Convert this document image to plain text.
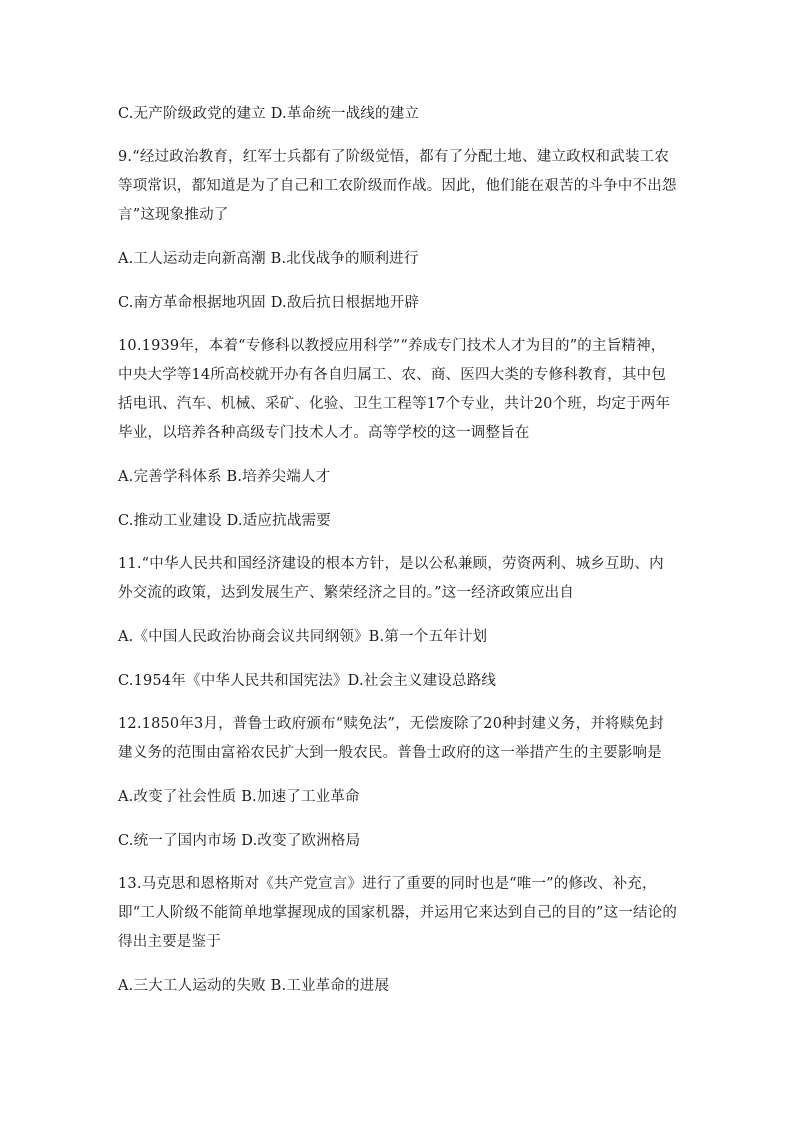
C.无产阶级政党的建立 D.革命统一战线的建立

9.“经过政治教育，红军士兵都有了阶级觉悟，都有了分配土地、建立政权和武装工农等项常识，都知道是为了自己和工农阶级而作战。因此，他们能在艰苦的斗争中不出怨言”这现象推动了

A.工人运动走向新高潮 B.北伐战争的顺利进行

C.南方革命根据地巩固 D.敌后抗日根据地开辟

10.1939年，本着“专修科以教授应用科学”“养成专门技术人才为目的”的主旨精神，中央大学等14所高校就开办有各自归属工、农、商、医四大类的专修科教育，其中包括电讯、汽车、机械、采矿、化验、卫生工程等17个专业，共计20个班，均定于两年毕业，以培养各种高级专门技术人才。高等学校的这一调整旨在

A.完善学科体系 B.培养尖端人才

C.推动工业建设 D.适应抗战需要

11.“中华人民共和国经济建设的根本方针，是以公私兼顾，劳资两利、城乡互助、内外交流的政策，达到发展生产、繁荣经济之目的。”这一经济政策应出自

A.《中国人民政治协商会议共同纲领》B.第一个五年计划

C.1954年《中华人民共和国宪法》D.社会主义建设总路线

12.1850年3月，普鲁士政府颁布“赎免法”，无偿废除了20种封建义务，并将赎免封建义务的范围由富裕农民扩大到一般农民。普鲁士政府的这一举措产生的主要影响是

A.改变了社会性质 B.加速了工业革命

C.统一了国内市场 D.改变了欧洲格局

13.马克思和恩格斯对《共产党宣言》进行了重要的同时也是“唯一”的修改、补充，即“工人阶级不能简单地掌握现成的国家机器，并运用它来达到自己的目的”这一结论的得出主要是鉴于

A.三大工人运动的失败 B.工业革命的进展
